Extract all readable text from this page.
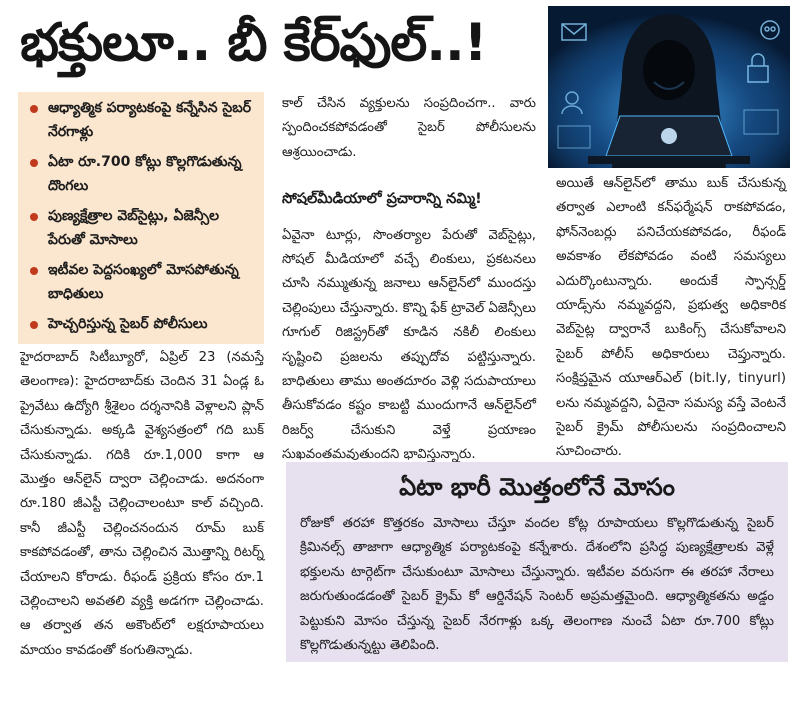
భక్తులూ.. బీ కేర్‌ఫుల్..!
ఆధ్యాత్మిక పర్యాటకంపై కన్నేసిన సైబర్ నేరగాళ్లు
ఏటా రూ.700 కోట్లు కొల్లగొడుతున్న దొంగలు
పుణ్యక్షేత్రాల వెబ్‌సైట్లు, ఏజెన్సీల పేరుతో మోసాలు
ఇటీవల పెద్దసంఖ్యలో మోసపోతున్న బాధితులు
హెచ్చరిస్తున్న సైబర్ పోలీసులు

హైదరాబాద్ సిటీబ్యూరో, ఏప్రిల్ 23 (నమస్తే తెలంగాణ): హైదరాబాద్‌కు చెందిన 31 ఏండ్ల ఓ ప్రైవేటు ఉద్యోగి శ్రీశైలం దర్శనానికి వెళ్లాలని ప్లాన్ చేసుకున్నాడు. అక్కడి వైశ్యసత్రంలో గది బుక్ చేసుకున్నాడు. గదికి రూ.1,000 కాగా ఆ మొత్తం ఆన్‌లైన్ ద్వారా చెల్లించాడు. అదనంగా రూ.180 జీఎస్టీ చెల్లించాలంటూ కాల్ వచ్చింది. కానీ జీఎస్టీ చెల్లించనందున రూమ్ బుక్ కాకపోవడంతో, తాను చెల్లించిన మొత్తాన్ని రిటర్న్ చేయాలని కోరాడు. రీఫండ్ ప్రక్రియ కోసం రూ.1 చెల్లించాలని అవతలి వ్యక్తి అడగగా చెల్లించాడు. ఆ తర్వాత తన అకౌంట్‌లో లక్షరూపాయలు మాయం కావడంతో కంగుతిన్నాడు.

కాల్ చేసిన వ్యక్తులను సంప్రదించగా.. వారు స్పందించకపోవడంతో సైబర్ పోలీసులను ఆశ్రయించాడు.

సోషల్‌మీడియాలో ప్రచారాన్ని నమ్మి!

ఏవైనా టూర్లు, సొంతర్యాల పేరుతో వెబ్‌సైట్లు, సోషల్ మీడియాలో వచ్చే లింకులు, ప్రకటనలు చూసి నమ్ముతున్న జనాలు ఆన్‌లైన్‌లో ముందస్తు చెల్లింపులు చేస్తున్నారు. కొన్ని ఫేక్ ట్రావెల్ ఏజెన్సీలు గూగుల్ రిజిస్ట్రర్‌తో కూడిన నకిలీ లింకులు సృష్టించి ప్రజలను తప్పుదోవ పట్టిస్తున్నారు. బాధితులు తాము అంతదూరం వెళ్లి సదుపాయాలు తీసుకోవడం కష్టం కాబట్టి ముందుగానే ఆన్‌లైన్‌లో రిజర్వ్ చేసుకుని వెళ్తే ప్రయాణం సుఖవంతమవుతుందని భావిస్తున్నారు.

అయితే ఆన్‌లైన్‌లో తాము బుక్ చేసుకున్న తర్వాత ఎలాంటి కన్‌ఫర్మేషన్ రాకపోవడం, ఫోన్‌నెంబర్లు పనిచేయకపోవడం, రీఫండ్ అవకాశం లేకపోవడం వంటి సమస్యలు ఎదుర్కొంటున్నారు. అందుకే స్పాన్సర్డ్ యాడ్స్‌ను నమ్మవద్దని, ప్రభుత్వ అధికారిక వెబ్‌సైట్ల ద్వారానే బుకింగ్స్ చేసుకోవాలని సైబర్ పోలీస్ అధికారులు చెప్తున్నారు. సంక్షిప్తమైన యూఆర్‌ఎల్ (bit.ly, tinyurl) లను నమ్మవద్దని, ఏదైనా సమస్య వస్తే వెంటనే సైబర్ క్రైమ్ పోలీసులను సంప్రదించాలని సూచించారు.

ఏటా భారీ మొత్తంలోనే మోసం

రోజుకో తరహా కొత్తరకం మోసాలు చేస్తూ వందల కోట్ల రూపాయలు కొల్లగొడుతున్న సైబర్ క్రిమినల్స్ తాజాగా ఆధ్యాత్మిక పర్యాటకంపై కన్నేశారు. దేశంలోని ప్రసిద్ధ పుణ్యక్షేత్రాలకు వెళ్లే భక్తులను టార్గెట్‌గా చేసుకుంటూ మోసాలు చేస్తున్నారు. ఇటీవల వరుసగా ఈ తరహా నేరాలు జరుగుతుండడంతో సైబర్ క్రైమ్ కో ఆర్డినేషన్ సెంటర్ అప్రమత్తమైంది. ఆధ్యాత్మికతను అడ్డం పెట్టుకుని మోసం చేస్తున్న సైబర్ నేరగాళ్లు ఒక్క తెలంగాణ నుంచే ఏటా రూ.700 కోట్లు కొల్లగొడుతున్నట్టు తెలిపింది.
